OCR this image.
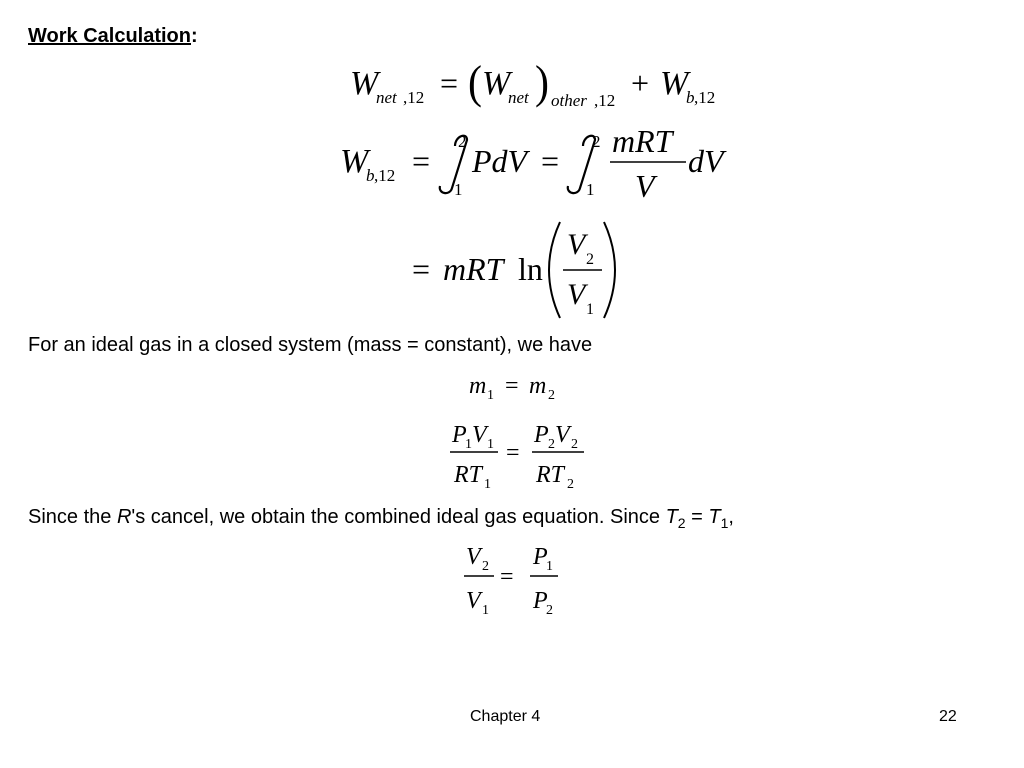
Work Calculation:
W
net ,12 = ( W
net ) other ,12 + W
b ,12
W
b ,12 =
2
1
PdV =
2
1
mRT
V
dV
= mRT ln
V 2
V 1
For an ideal gas in a closed system (mass = constant), we have
m 1 = m 2
P
1 V 1
RT 1
=
P 2 V 2
RT 2
Since the R's cancel, we obtain the combined ideal gas equation. Since $T_2 = T_1$,
V 2
V 1
=
P
1
P
2
Chapter 4	22
